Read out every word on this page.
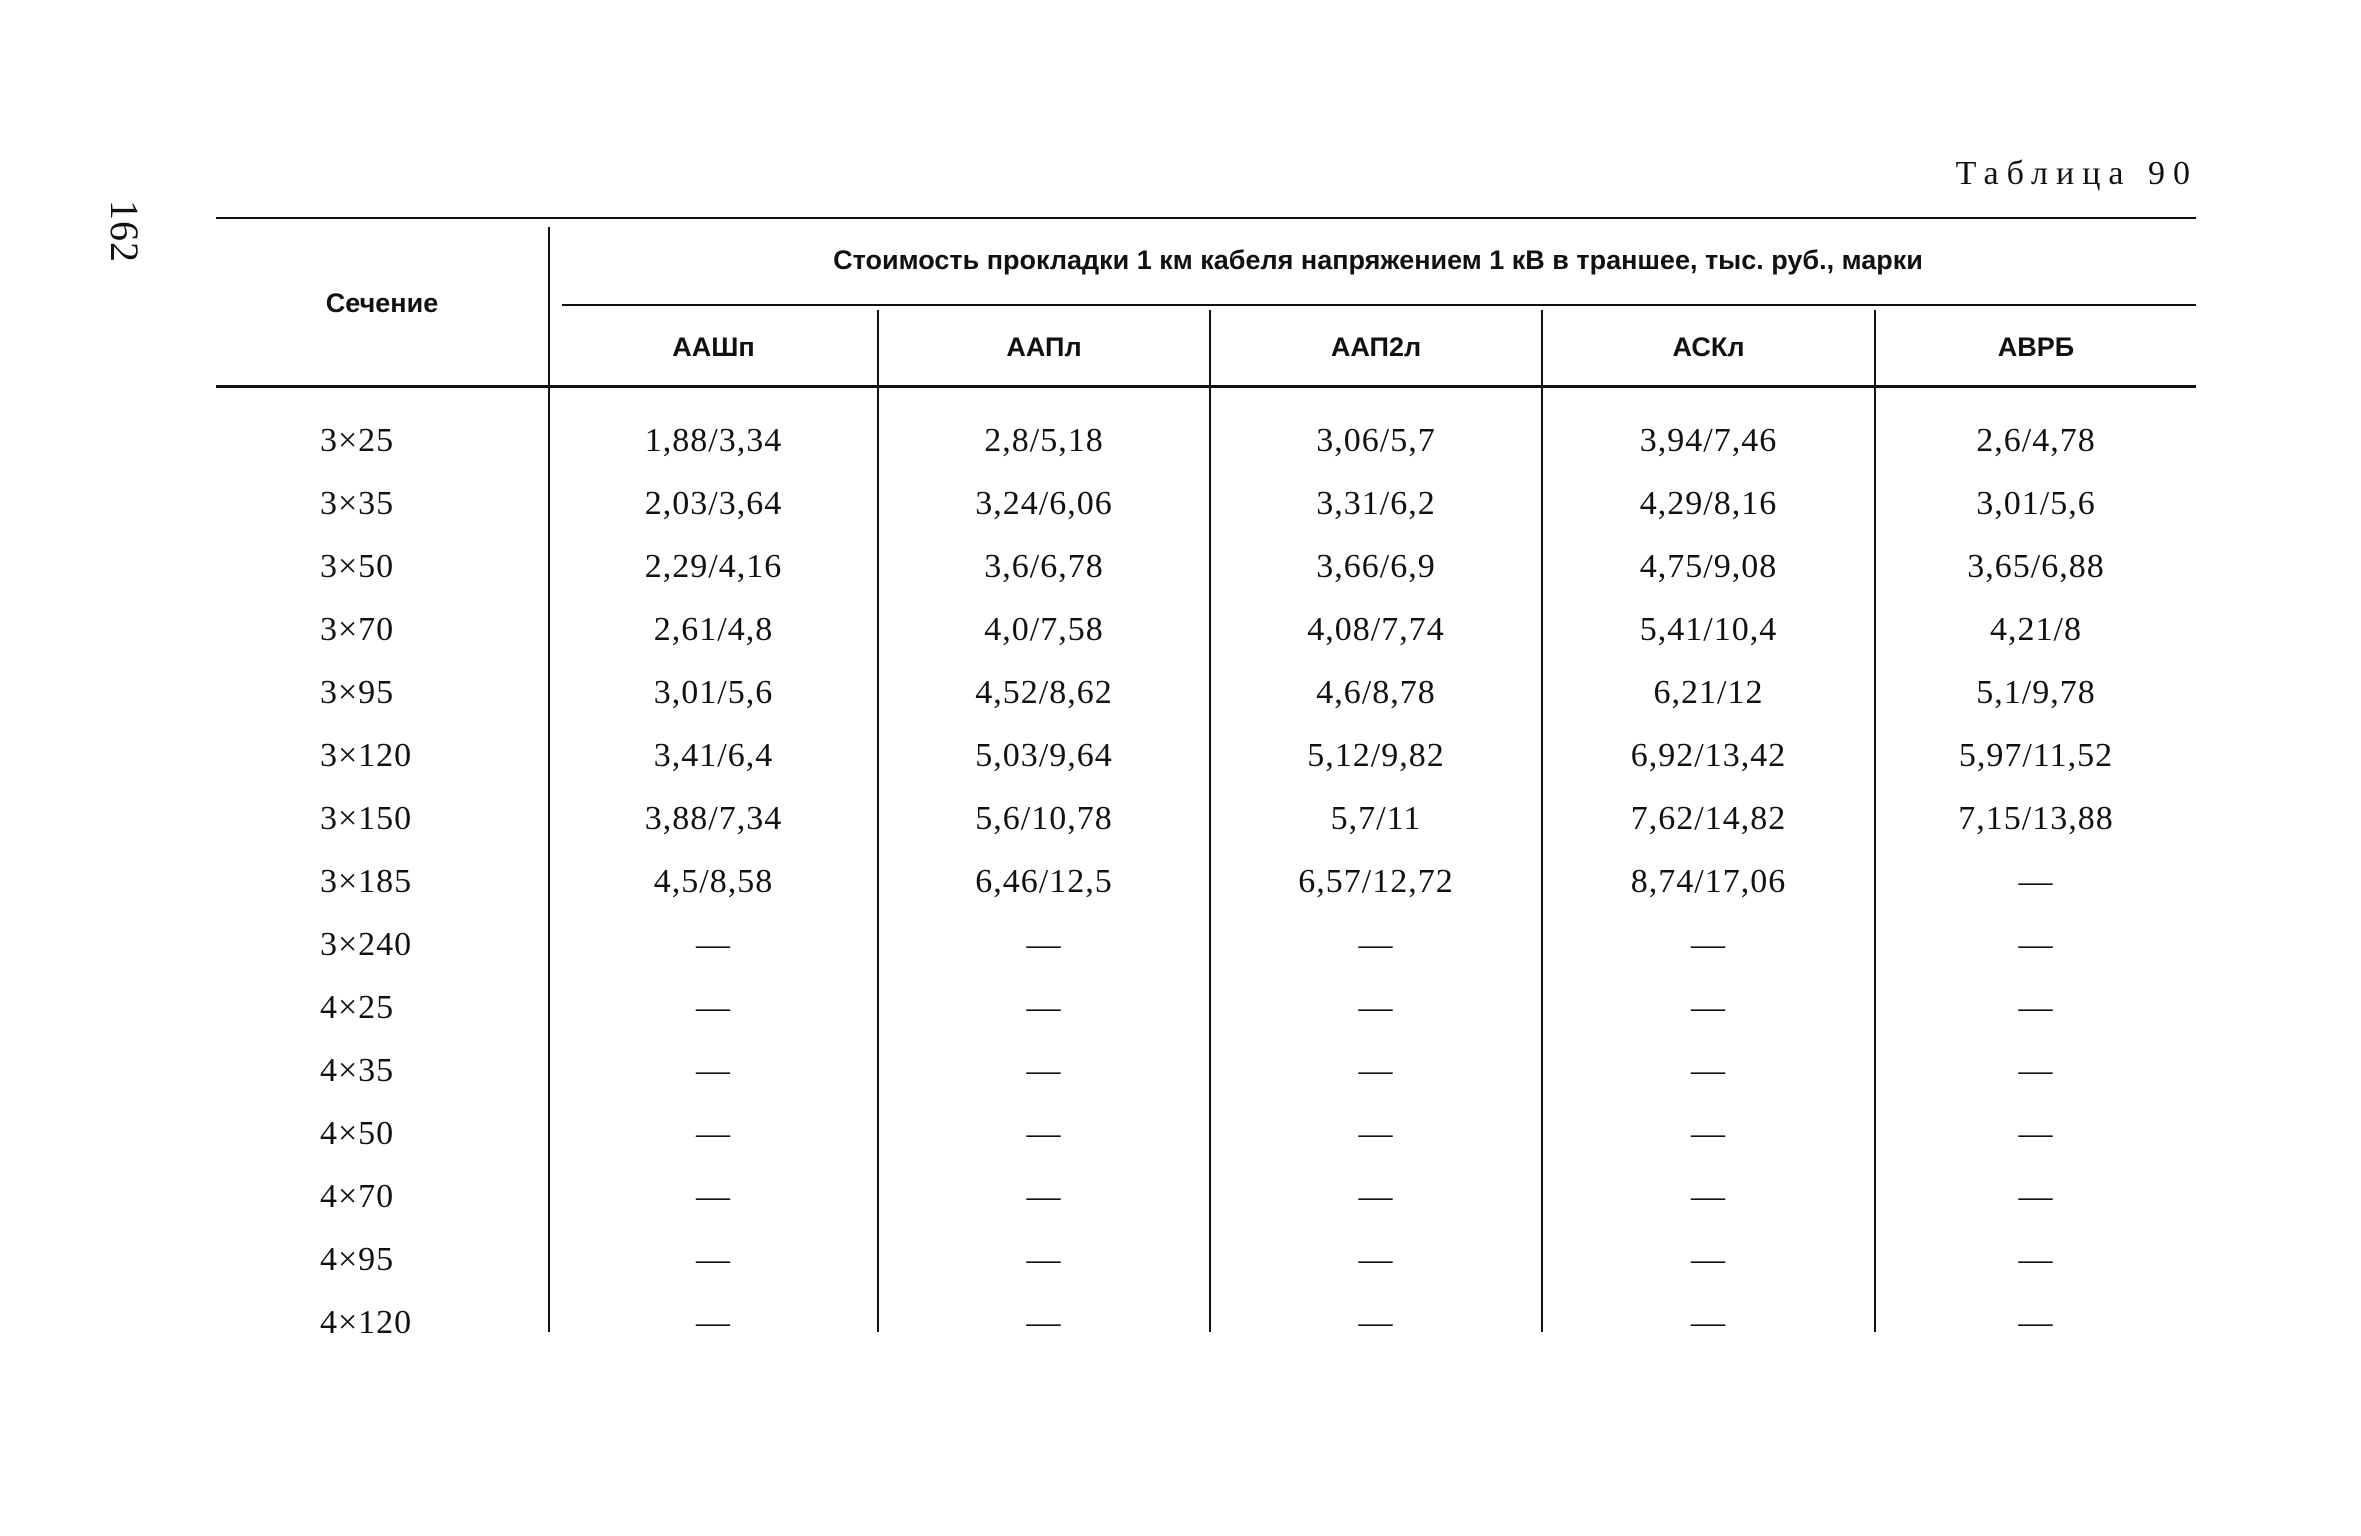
162
Таблица 90
Сечение
Стоимость прокладки 1 км кабеля напряжением 1 кВ в траншее, тыс. руб., марки
ААШп	ААПл	ААП2л	АСКл	АВРБ
3×25	1,88/3,34	2,8/5,18	3,06/5,7	3,94/7,46	2,6/4,78
3×35	2,03/3,64	3,24/6,06	3,31/6,2	4,29/8,16	3,01/5,6
3×50	2,29/4,16	3,6/6,78	3,66/6,9	4,75/9,08	3,65/6,88
3×70	2,61/4,8	4,0/7,58	4,08/7,74	5,41/10,4	4,21/8
3×95	3,01/5,6	4,52/8,62	4,6/8,78	6,21/12	5,1/9,78
3×120	3,41/6,4	5,03/9,64	5,12/9,82	6,92/13,42	5,97/11,52
3×150	3,88/7,34	5,6/10,78	5,7/11	7,62/14,82	7,15/13,88
3×185	4,5/8,58	6,46/12,5	6,57/12,72	8,74/17,06	—
3×240	—	—	—	—	—
4×25	—	—	—	—	—
4×35	—	—	—	—	—
4×50	—	—	—	—	—
4×70	—	—	—	—	—
4×95	—	—	—	—	—
4×120	—	—	—	—	—
